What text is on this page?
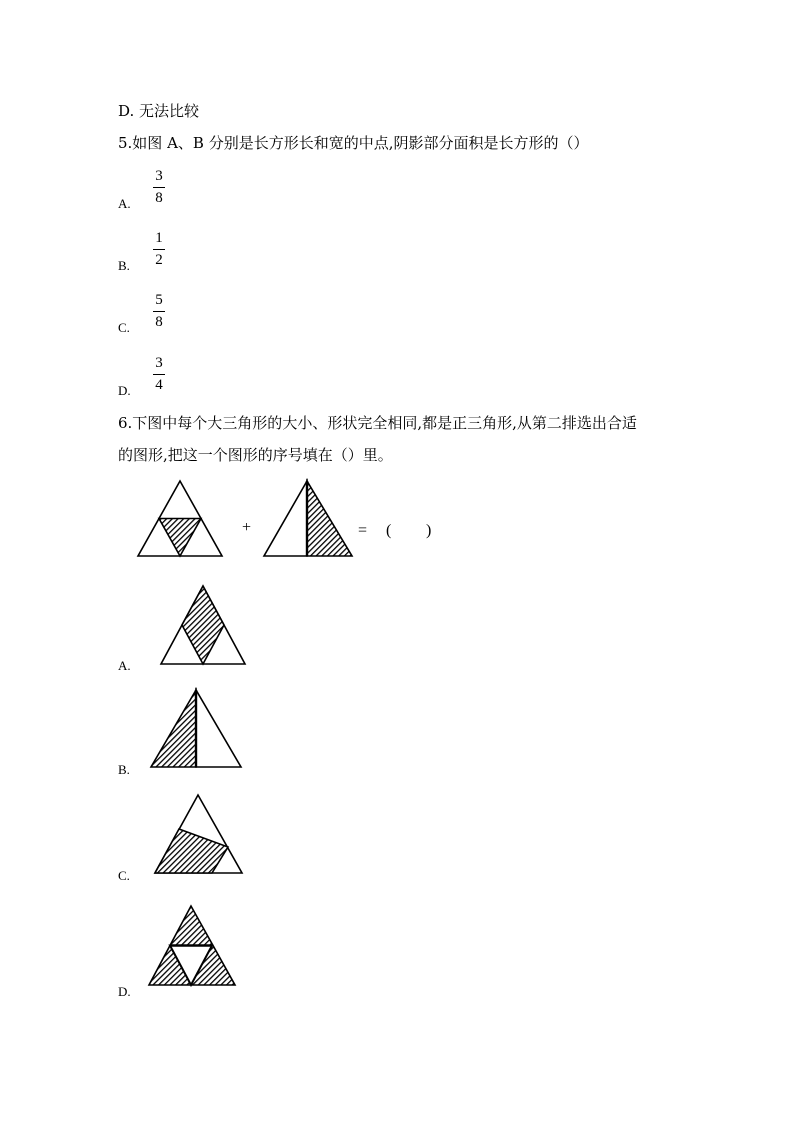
D. 无法比较
5.如图 A、B 分别是长方形长和宽的中点,阴影部分面积是长方形的（）
A.
3
8
B.
1
2
C.
5
8
D.
3
4
6.下图中每个大三角形的大小、形状完全相同,都是正三角形,从第二排选出合适
的图形,把这一个图形的序号填在（）里。
+	= ( )
A.
B.
C.
D.
